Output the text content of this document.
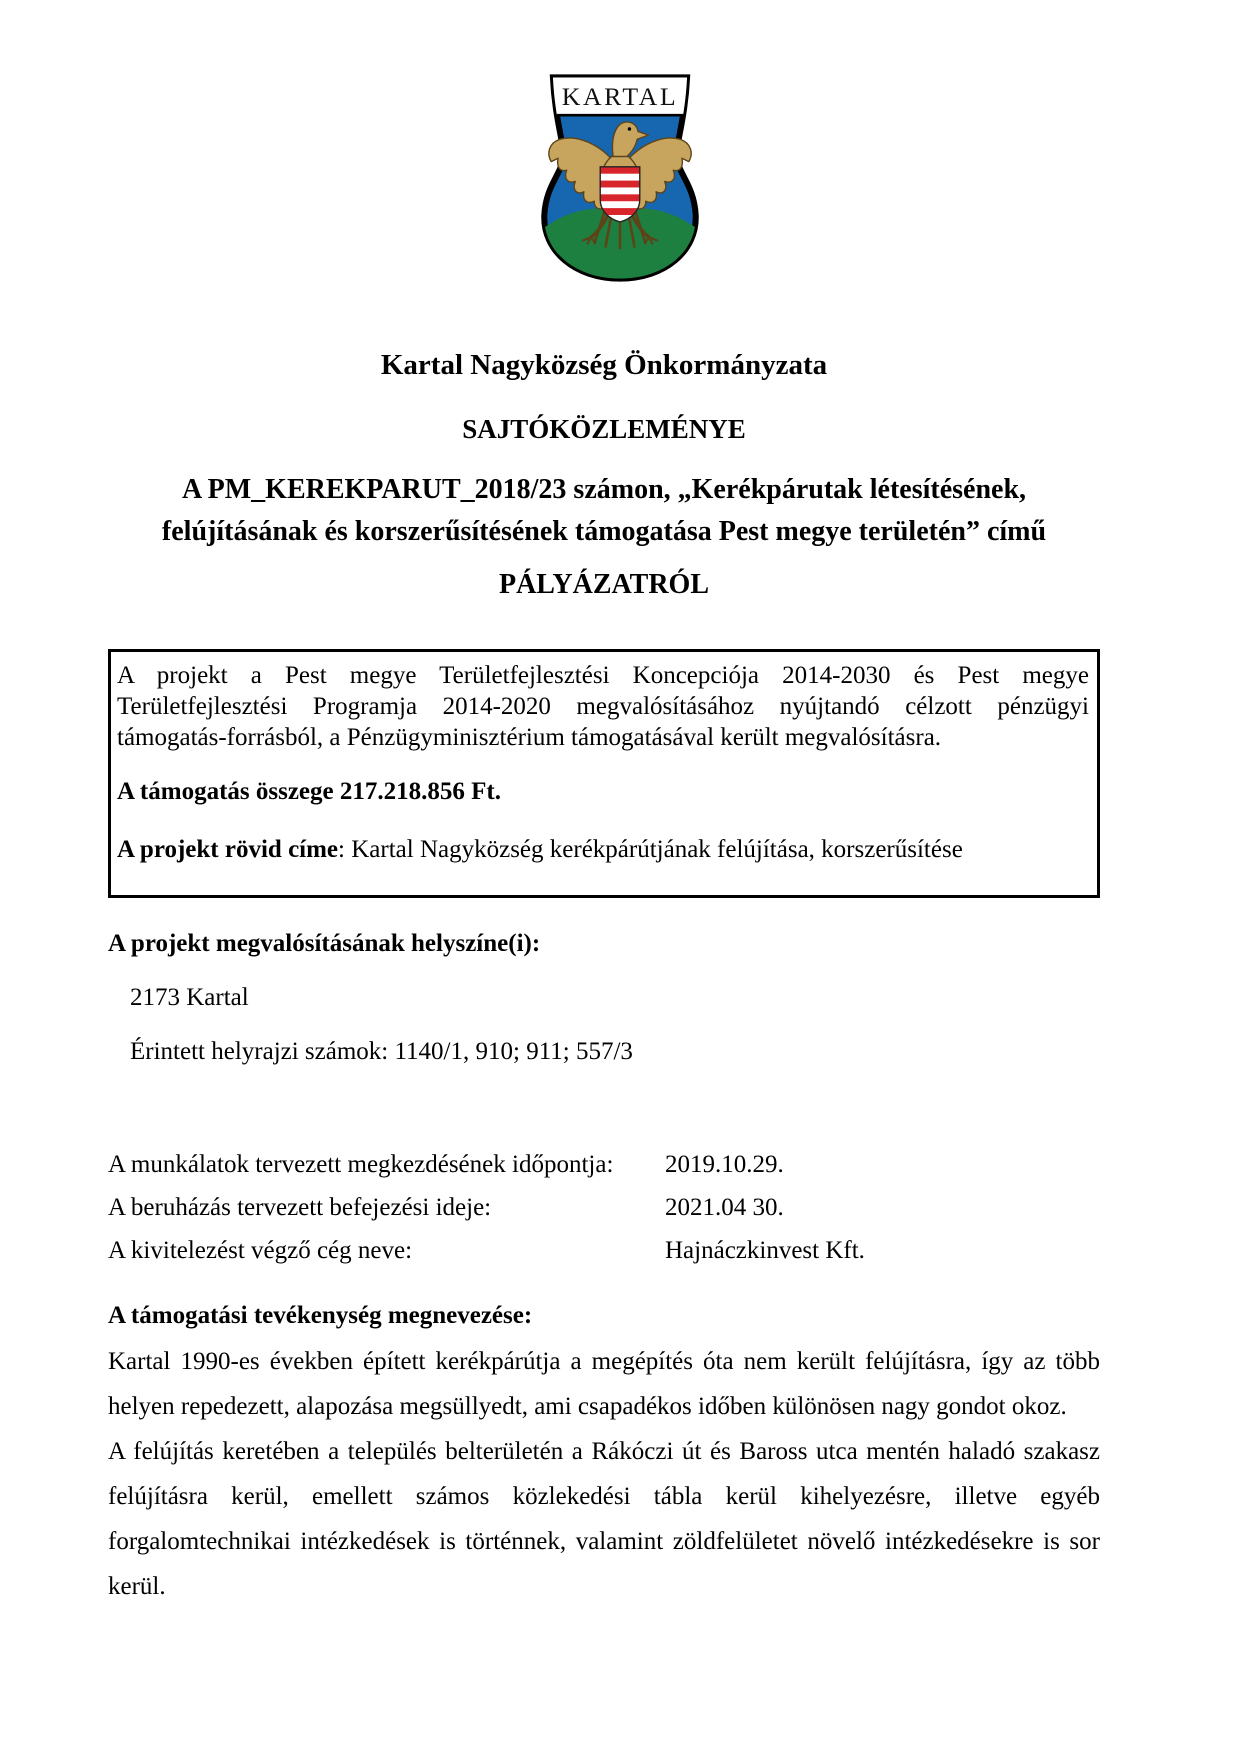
KARTAL
Kartal Nagyközség Önkormányzata
SAJTÓKÖZLEMÉNYE
A PM_KEREKPARUT_2018/23 számon, „Kerékpárutak létesítésének,
felújításának és korszerűsítésének támogatása Pest megye területén” című
PÁLYÁZATRÓL

A projekt a Pest megye Területfejlesztési Koncepciója 2014-2030 és Pest megye Területfejlesztési Programja 2014-2020 megvalósításához nyújtandó célzott pénzügyi támogatás-forrásból, a Pénzügyminisztérium támogatásával került megvalósításra.

A támogatás összege 217.218.856 Ft.

A projekt rövid címe: Kartal Nagyközség kerékpárútjának felújítása, korszerűsítése

A projekt megvalósításának helyszíne(i):

2173 Kartal

Érintett helyrajzi számok: 1140/1, 910; 911; 557/3

A munkálatok tervezett megkezdésének időpontja:	2019.10.29.
A beruházás tervezett befejezési ideje:	2021.04 30.
A kivitelezést végző cég neve:	Hajnáczkinvest Kft.

A támogatási tevékenység megnevezése:

Kartal 1990-es években épített kerékpárútja a megépítés óta nem került felújításra, így az több helyen repedezett, alapozása megsüllyedt, ami csapadékos időben különösen nagy gondot okoz.

A felújítás keretében a település belterületén a Rákóczi út és Baross utca mentén haladó szakasz felújításra kerül, emellett számos közlekedési tábla kerül kihelyezésre, illetve egyéb forgalomtechnikai intézkedések is történnek, valamint zöldfelületet növelő intézkedésekre is sor kerül.
